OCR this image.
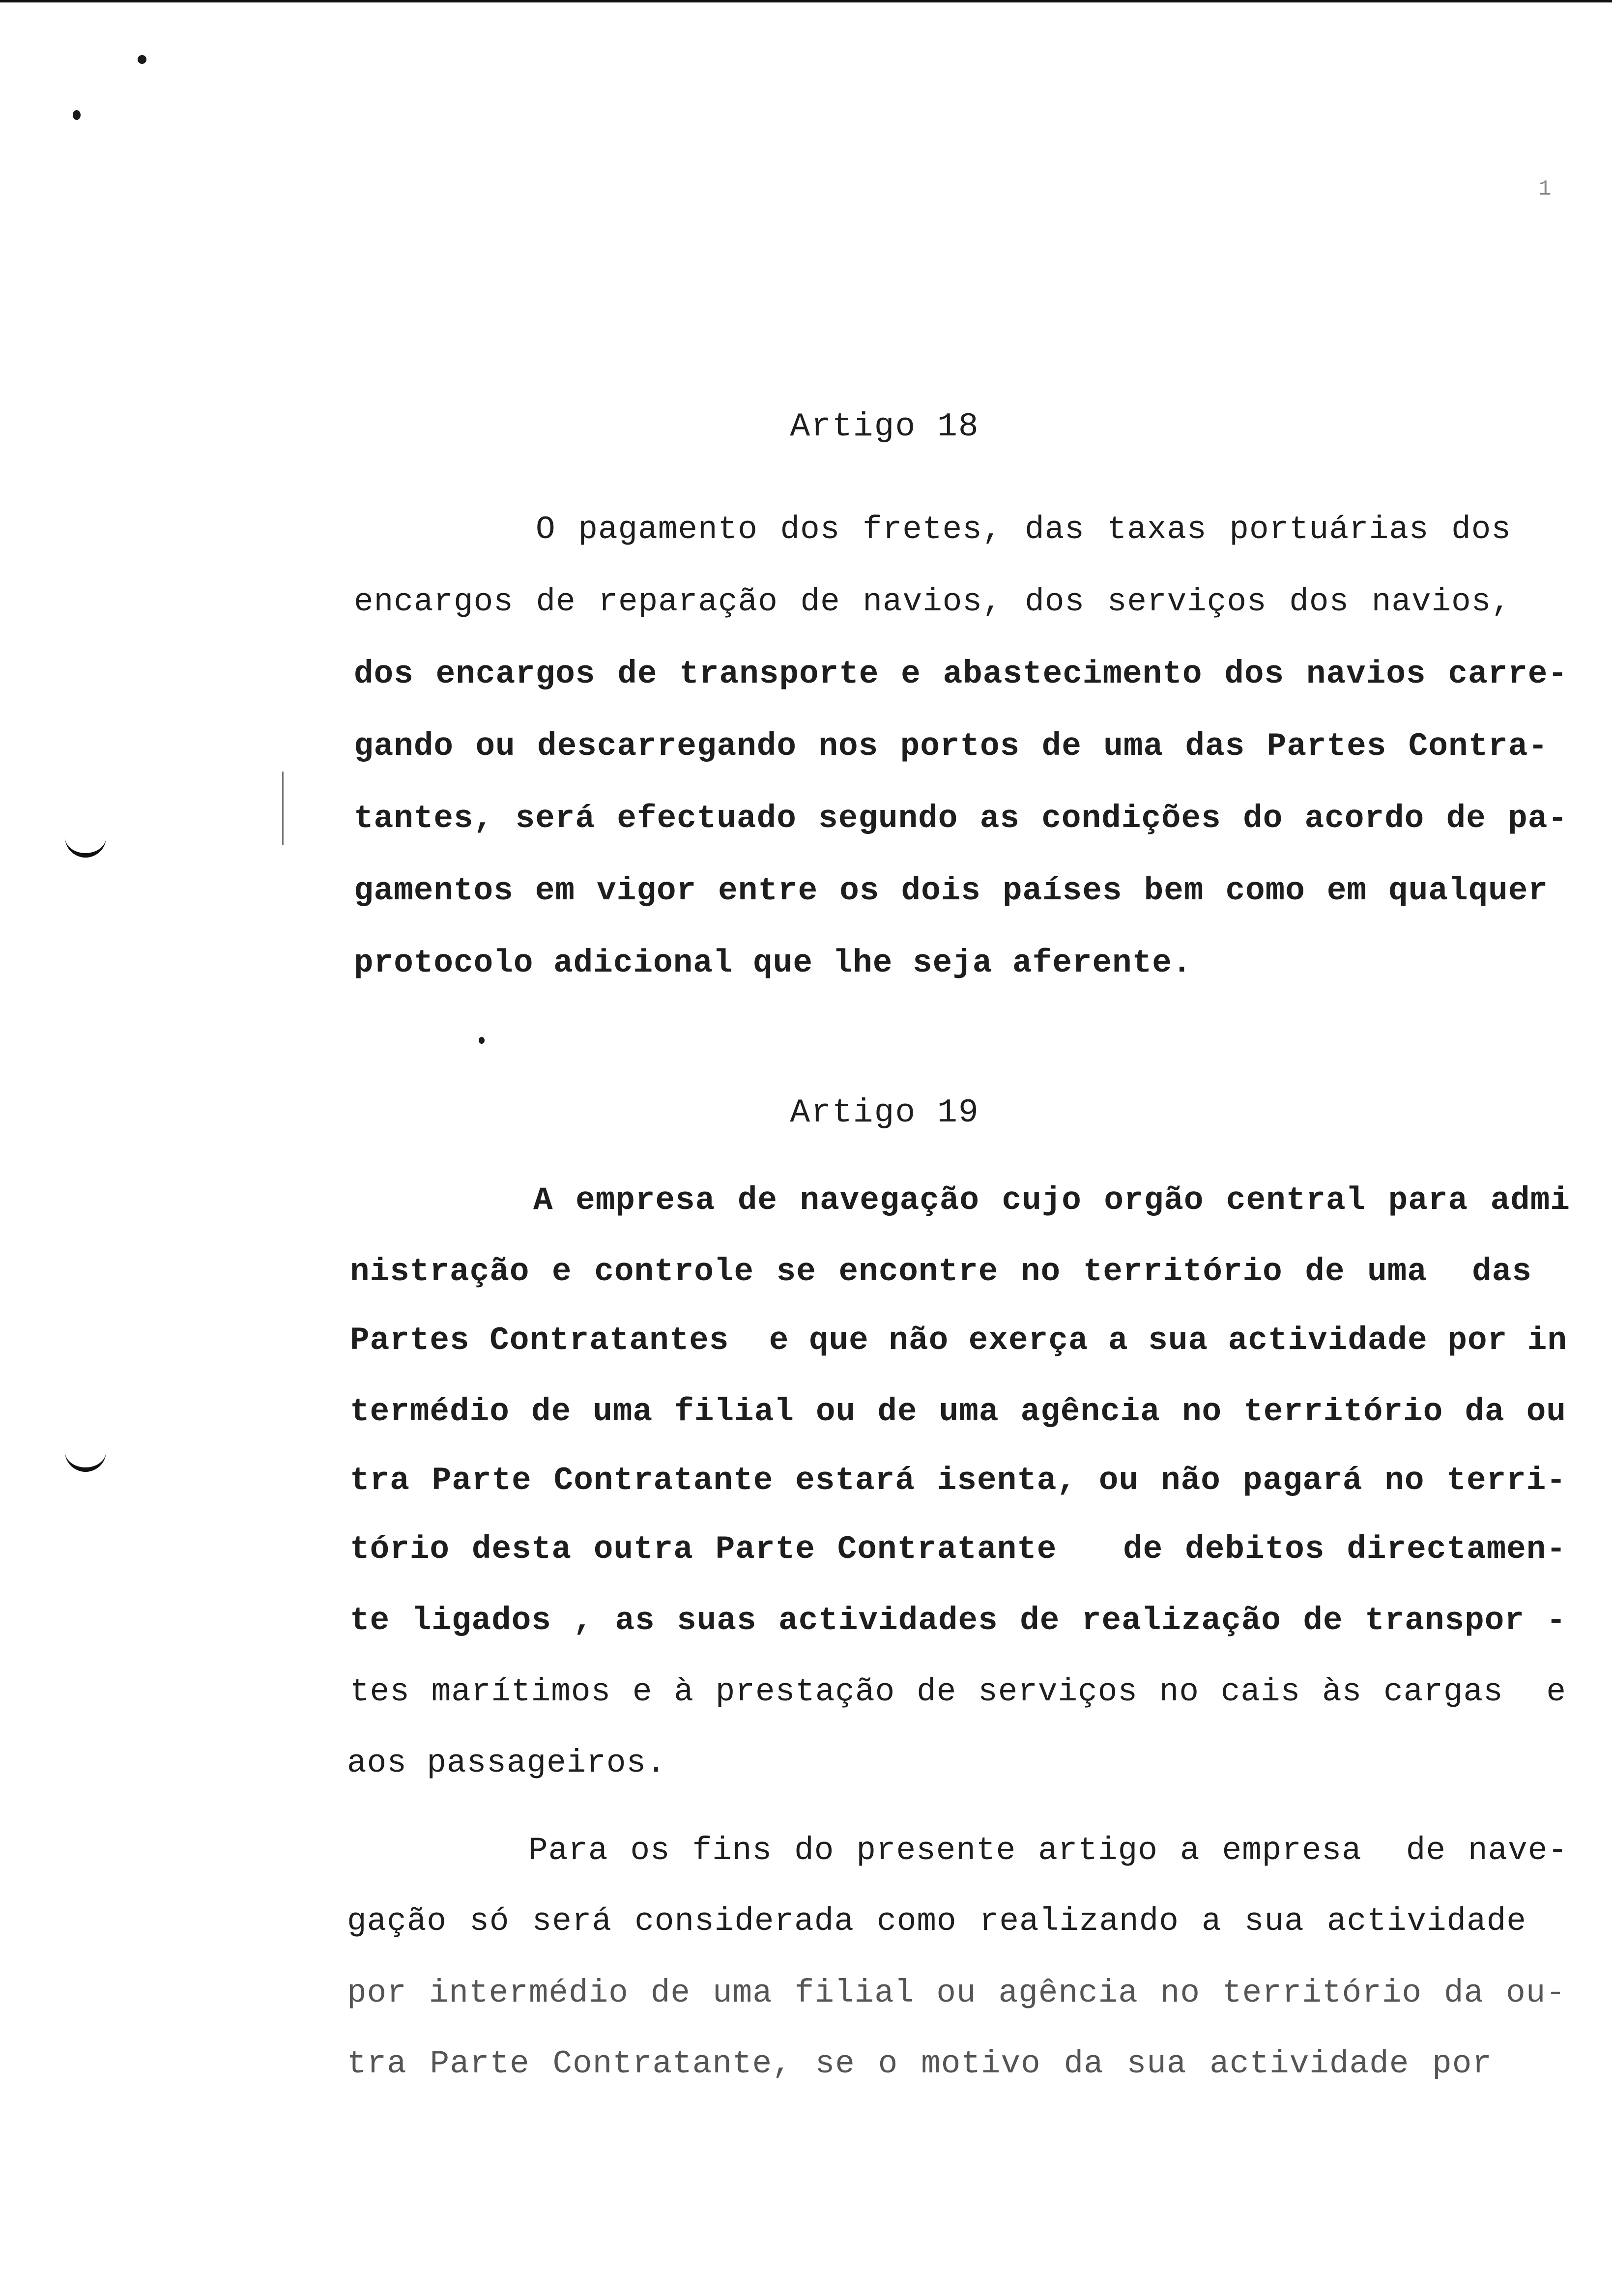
1
Artigo 18
O pagamento dos fretes, das taxas portuárias dos
encargos de reparação de navios, dos serviços dos navios,
dos encargos de transporte e abastecimento dos navios carre-
gando ou descarregando nos portos de uma das Partes Contra-
tantes, será efectuado segundo as condições do acordo de pa-
gamentos em vigor entre os dois países bem como em qualquer
protocolo adicional que lhe seja aferente.
Artigo 19
A empresa de navegação cujo orgão central para admi
nistração e controle se encontre no território de uma  das
Partes Contratantes  e que não exerça a sua actividade por in
termédio de uma filial ou de uma agência no território da ou
tra Parte Contratante estará isenta, ou não pagará no terri-
tório desta outra Parte Contratante   de debitos directamen-
te ligados , as suas actividades de realização de transpor -
tes marítimos e à prestação de serviços no cais às cargas  e
aos passageiros.
Para os fins do presente artigo a empresa  de nave-
gação só será considerada como realizando a sua actividade
por intermédio de uma filial ou agência no território da ou-
tra Parte Contratante, se o motivo da sua actividade por
